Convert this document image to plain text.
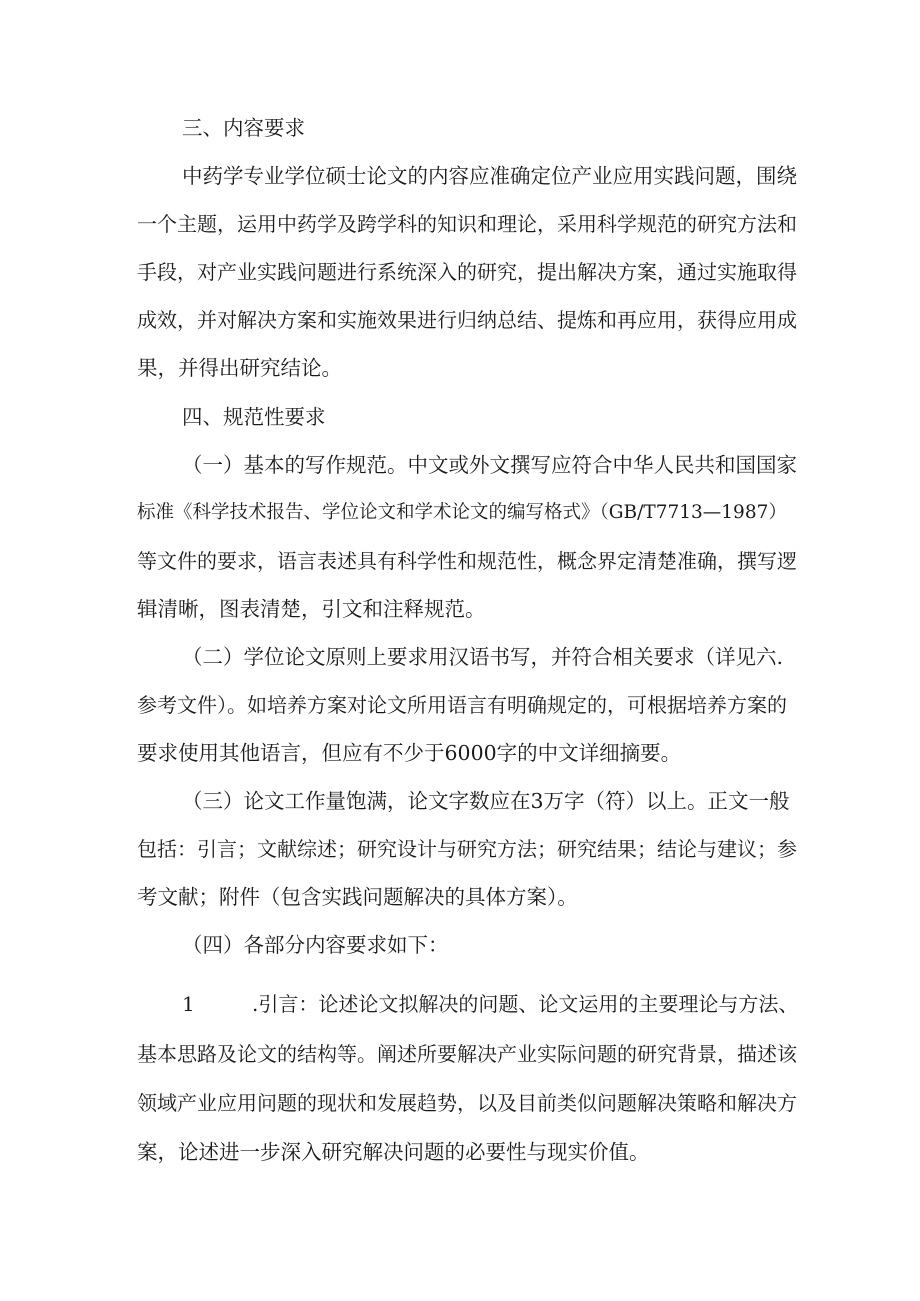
三、内容要求
中药学专业学位硕士论文的内容应准确定位产业应用实践问题，围绕
一个主题，运用中药学及跨学科的知识和理论，采用科学规范的研究方法和
手段，对产业实践问题进行系统深入的研究，提出解决方案，通过实施取得
成效，并对解决方案和实施效果进行归纳总结、提炼和再应用，获得应用成
果，并得出研究结论。
四、规范性要求
（一）基本的写作规范。中文或外文撰写应符合中华人民共和国国家
标准《科学技术报告、学位论文和学术论文的编写格式》（GB/T7713—1987）
等文件的要求，语言表述具有科学性和规范性，概念界定清楚准确，撰写逻
辑清晰，图表清楚，引文和注释规范。
（二）学位论文原则上要求用汉语书写，并符合相关要求（详见六.
参考文件）。如培养方案对论文所用语言有明确规定的，可根据培养方案的
要求使用其他语言，但应有不少于6000字的中文详细摘要。
（三）论文工作量饱满，论文字数应在3万字（符）以上。正文一般
包括：引言；文献综述；研究设计与研究方法；研究结果；结论与建议；参
考文献；附件（包含实践问题解决的具体方案）。
（四）各部分内容要求如下：
1	.引言：论述论文拟解决的问题、论文运用的主要理论与方法、
基本思路及论文的结构等。阐述所要解决产业实际问题的研究背景，描述该
领域产业应用问题的现状和发展趋势，以及目前类似问题解决策略和解决方
案，论述进一步深入研究解决问题的必要性与现实价值。
